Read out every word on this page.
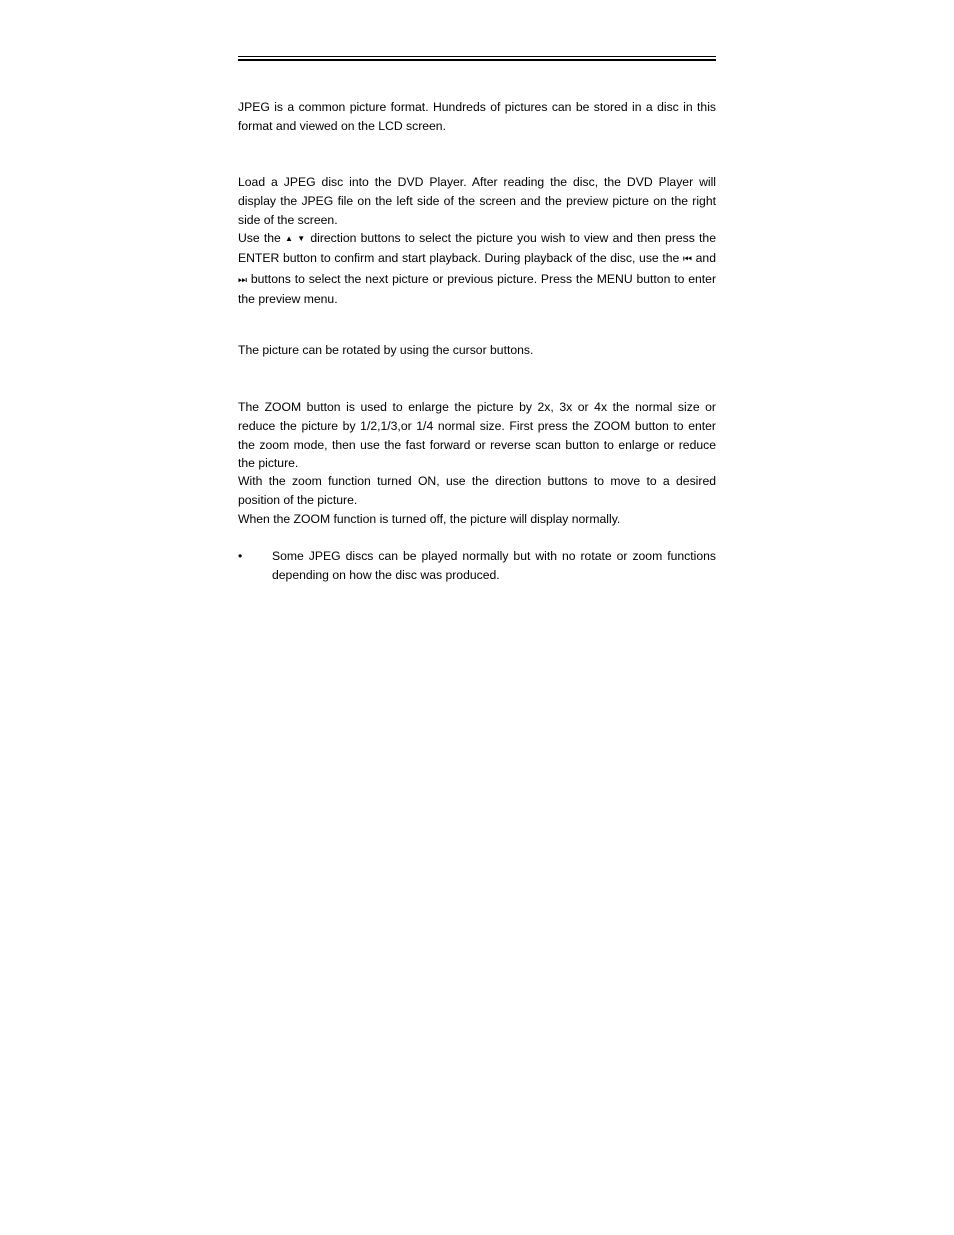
JPEG is a common picture format. Hundreds of pictures can be stored in a disc in this format and viewed on the LCD screen.

Load a JPEG disc into the DVD Player. After reading the disc, the DVD Player will display the JPEG file on the left side of the screen and the preview picture on the right side of the screen.

Use the ▲ ▼ direction buttons to select the picture you wish to view and then press the ENTER button to confirm and start playback. During playback of the disc, use the ⏮ and ⏭ buttons to select the next picture or previous picture. Press the MENU button to enter the preview menu.

The picture can be rotated by using the cursor buttons.

The ZOOM button is used to enlarge the picture by 2x, 3x or 4x the normal size or reduce the picture by 1/2,1/3,or 1/4 normal size. First press the ZOOM button to enter the zoom mode, then use the fast forward or reverse scan button to enlarge or reduce the picture.

With the zoom function turned ON, use the direction buttons to move to a desired position of the picture.

When the ZOOM function is turned off, the picture will display normally.

• Some JPEG discs can be played normally but with no rotate or zoom functions depending on how the disc was produced.
